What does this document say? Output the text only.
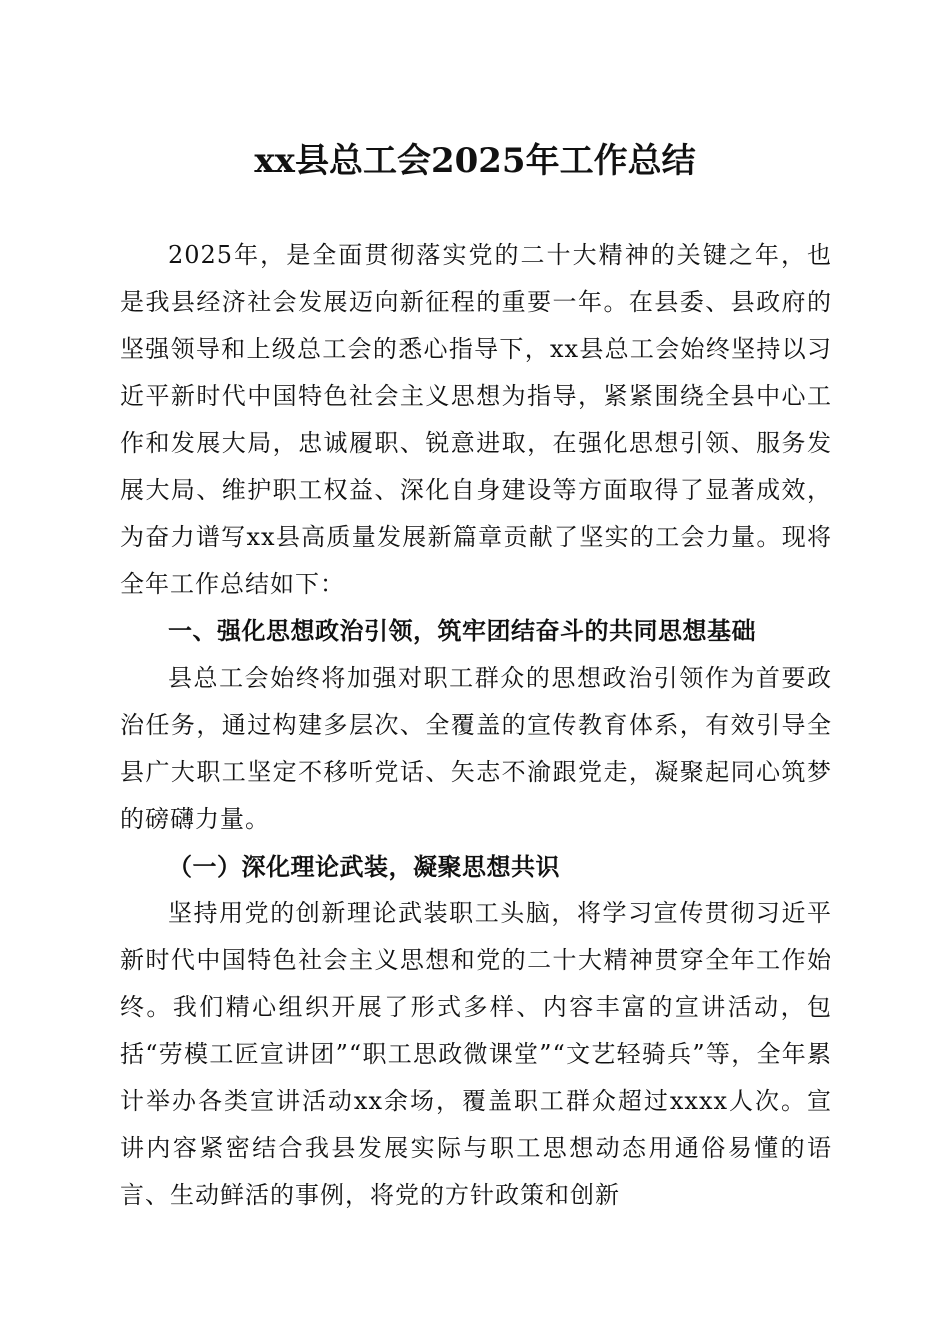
xx县总工会2025年工作总结

2025年，是全面贯彻落实党的二十大精神的关键之年，也是我县经济社会发展迈向新征程的重要一年。在县委、县政府的坚强领导和上级总工会的悉心指导下，xx县总工会始终坚持以习近平新时代中国特色社会主义思想为指导，紧紧围绕全县中心工作和发展大局，忠诚履职、锐意进取，在强化思想引领、服务发展大局、维护职工权益、深化自身建设等方面取得了显著成效，为奋力谱写xx县高质量发展新篇章贡献了坚实的工会力量。现将全年工作总结如下：

一、强化思想政治引领，筑牢团结奋斗的共同思想基础

县总工会始终将加强对职工群众的思想政治引领作为首要政治任务，通过构建多层次、全覆盖的宣传教育体系，有效引导全县广大职工坚定不移听党话、矢志不渝跟党走，凝聚起同心筑梦的磅礴力量。

（一）深化理论武装，凝聚思想共识

坚持用党的创新理论武装职工头脑，将学习宣传贯彻习近平新时代中国特色社会主义思想和党的二十大精神贯穿全年工作始终。我们精心组织开展了形式多样、内容丰富的宣讲活动，包括“劳模工匠宣讲团”“职工思政微课堂”“文艺轻骑兵”等，全年累计举办各类宣讲活动xx余场，覆盖职工群众超过xxxx人次。宣讲内容紧密结合我县发展实际与职工思想动态用通俗易懂的语言、生动鲜活的事例，将党的方针政策和创新
